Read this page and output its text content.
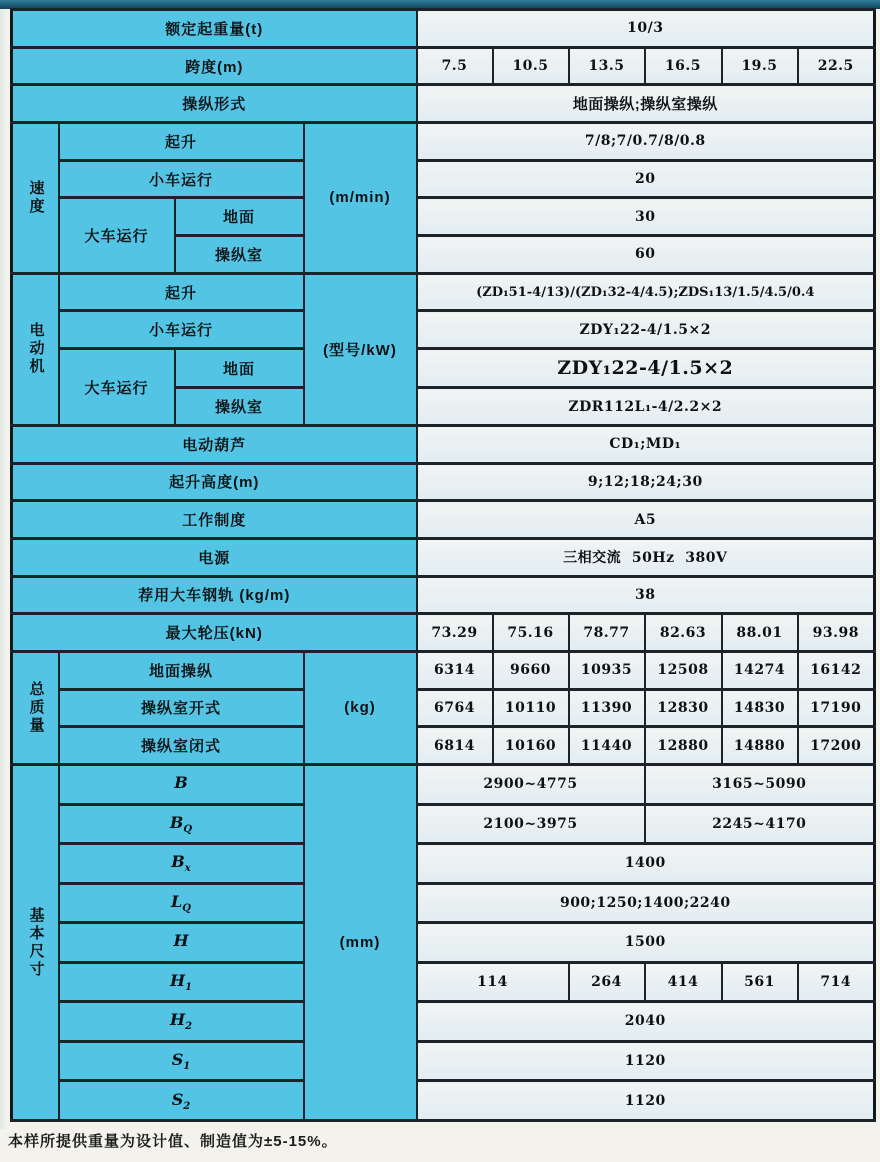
额定起重量(t)				10/3					
跨度(m)				7.5	10.5	13.5	16.5	19.5	22.5
操纵形式				地面操纵;操纵室操纵					

速度	起升		(m/min)	7/8;7/0.7/8/0.8					
	小车运行			20					
	大车运行	地面		30					
		操纵室		60					

电动机	起升		(型号/kW)	(ZD₁51-4/13)/(ZD₁32-4/4.5);ZDS₁13/1.5/4.5/0.4					
	小车运行			ZDY₁22-4/1.5×2					
	大车运行	地面		ZDY₁22-4/1.5×2					
		操纵室		ZDR112L₁-4/2.2×2					
电动葫芦				CD₁;MD₁					
起升高度(m)				9;12;18;24;30					
工作制度				A5					
电源				三相交流  50Hz  380V					
荐用大车钢轨 (kg/m)				38					
最大轮压(kN)				73.29	75.16	78.77	82.63	88.01	93.98

总质量	地面操纵		(kg)	6314	9660	10935	12508	14274	16142
	操纵室开式			6764	10110	11390	12830	14830	17190
	操纵室闭式			6814	10160	11440	12880	14880	17200

基本尺寸	B		(mm)	2900~4775			3165~5090		
	$B_Q$			2100~3975			2245~4170		
	$B_x$			1400					
	$L_Q$			900;1250;1400;2240					
	H			1500					
	$H_1$			114		264	414	561	714
	$H_2$			2040					
	$S_1$			1120					
	$S_2$			1120					
本样所提供重量为设计值、制造值为±5-15%。
